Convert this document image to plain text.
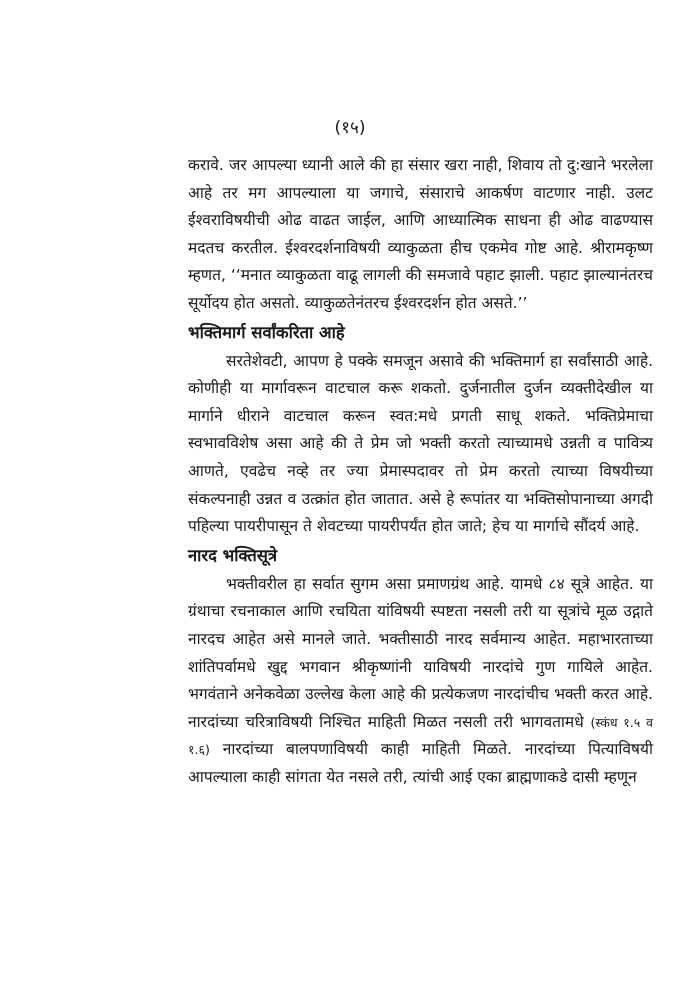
(१५)

करावे. जर आपल्या ध्यानी आले की हा संसार खरा नाही, शिवाय तो दु:खाने भरलेला आहे तर मग आपल्याला या जगाचे, संसाराचे आकर्षण वाटणार नाही. उलट ईश्वराविषयीची ओढ वाढत जाईल, आणि आध्यात्मिक साधना ही ओढ वाढण्यास मदतच करतील. ईश्वरदर्शनाविषयी व्याकुळता हीच एकमेव गोष्ट आहे. श्रीरामकृष्ण म्हणत, ‘‘मनात व्याकुळता वाढू लागली की समजावे पहाट झाली. पहाट झाल्यानंतरच सूर्योदय होत असतो. व्याकुळतेनंतरच ईश्वरदर्शन होत असते.’’

भक्तिमार्ग सर्वांकरिता आहे

सरतेशेवटी, आपण हे पक्के समजून असावे की भक्तिमार्ग हा सर्वांसाठी आहे. कोणीही या मार्गावरून वाटचाल करू शकतो. दुर्जनातील दुर्जन व्यक्तीदेखील या मार्गाने धीराने वाटचाल करून स्वत:मधे प्रगती साधू शकते. भक्तिप्रेमाचा स्वभावविशेष असा आहे की ते प्रेम जो भक्ती करतो त्याच्यामधे उन्नती व पावित्र्य आणते, एवढेच नव्हे तर ज्या प्रेमास्पदावर तो प्रेम करतो त्याच्या विषयीच्या संकल्पनाही उन्नत व उत्क्रांत होत जातात. असे हे रूपांतर या भक्तिसोपानाच्या अगदी पहिल्या पायरीपासून ते शेवटच्या पायरीपर्यंत होत जाते; हेच या मार्गाचे सौंदर्य आहे.

नारद भक्तिसूत्रे

भक्तीवरील हा सर्वात सुगम असा प्रमाणग्रंथ आहे. यामधे ८४ सूत्रे आहेत. या ग्रंथाचा रचनाकाल आणि रचयिता यांविषयी स्पष्टता नसली तरी या सूत्रांचे मूळ उद्गाते नारदच आहेत असे मानले जाते. भक्तीसाठी नारद सर्वमान्य आहेत. महाभारताच्या शांतिपर्वामधे खुद्द भगवान श्रीकृष्णांनी याविषयी नारदांचे गुण गायिले आहेत. भगवंताने अनेकवेळा उल्लेख केला आहे की प्रत्येकजण नारदांचीच भक्ती करत आहे. नारदांच्या चरित्राविषयी निश्चित माहिती मिळत नसली तरी भागवतामधे (स्कंध १.५ व १.६) नारदांच्या बालपणाविषयी काही माहिती मिळते. नारदांच्या पित्याविषयी आपल्याला काही सांगता येत नसले तरी, त्यांची आई एका ब्राह्मणाकडे दासी म्हणून
